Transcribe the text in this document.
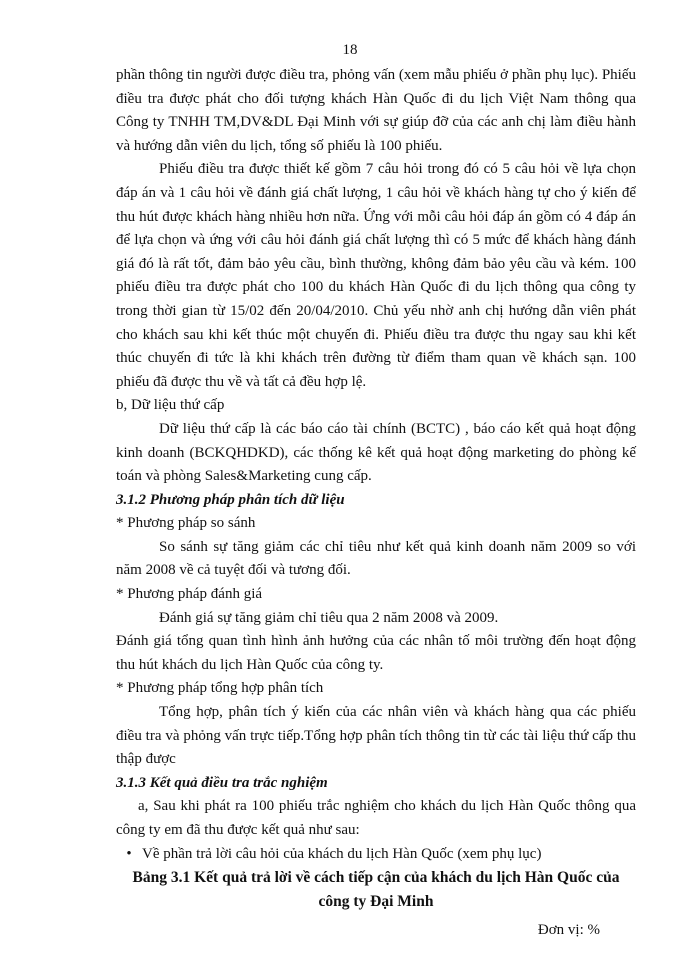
18

phần thông tin người được điều tra, phỏng vấn (xem mẫu phiếu ở phần phụ lục). Phiếu điều tra được phát cho đối tượng khách Hàn Quốc đi du lịch Việt Nam thông qua Công ty TNHH TM,DV&DL Đại Minh với sự giúp đỡ của các anh chị làm điều hành và hướng dẫn viên du lịch, tổng số phiếu là 100 phiếu.

Phiếu điều tra được thiết kế gồm 7 câu hỏi trong đó có 5 câu hỏi về lựa chọn đáp án và 1 câu hỏi về đánh giá chất lượng, 1 câu hỏi về khách hàng tự cho ý kiến để thu hút được khách hàng nhiều hơn nữa. Ứng với mỗi câu hỏi đáp án gồm có 4 đáp án để lựa chọn và ứng với câu hỏi đánh giá chất lượng thì có 5 mức để khách hàng đánh giá đó là rất tốt, đảm bảo yêu cầu, bình thường, không đảm bảo yêu cầu và kém. 100 phiếu điều tra được phát cho 100 du khách Hàn Quốc đi du lịch thông qua công ty trong thời gian từ 15/02 đến 20/04/2010. Chủ yếu nhờ anh chị hướng dẫn viên phát cho khách sau khi kết thúc một chuyến đi. Phiếu điều tra được thu ngay sau khi kết thúc chuyến đi tức là khi khách trên đường từ điểm tham quan về khách sạn. 100 phiếu đã được thu về và tất cả đều hợp lệ.

b, Dữ liệu thứ cấp

Dữ liệu thứ cấp là các báo cáo tài chính (BCTC) , báo cáo kết quả hoạt động kinh doanh (BCKQHDKD), các thống kê kết quả hoạt động marketing do phòng kế toán và phòng Sales&Marketing cung cấp.

3.1.2 Phương pháp phân tích dữ liệu

* Phương pháp so sánh

So sánh sự tăng giảm các chỉ tiêu như kết quả kinh doanh năm 2009 so với năm 2008 về cả tuyệt đối và tương đối.

* Phương pháp đánh giá

Đánh giá sự tăng giảm chỉ tiêu qua 2 năm 2008 và 2009.

Đánh giá tổng quan tình hình ảnh hưởng của các nhân tố môi trường đến hoạt động thu hút khách du lịch Hàn Quốc của công ty.

* Phương pháp tổng hợp phân tích

Tổng hợp, phân tích ý kiến của các nhân viên và khách hàng qua các phiếu điều tra và phỏng vấn trực tiếp.Tổng hợp phân tích thông tin từ các tài liệu thứ cấp thu thập được

3.1.3 Kết quả điều tra trắc nghiệm

a, Sau khi phát ra 100 phiếu trắc nghiệm cho khách du lịch Hàn Quốc thông qua công ty em đã thu được kết quả như sau:

• Về phần trả lời câu hỏi của khách du lịch Hàn Quốc (xem phụ lục)

Bảng 3.1 Kết quả trả lời về cách tiếp cận của khách du lịch Hàn Quốc của công ty Đại Minh

Đơn vị: %
